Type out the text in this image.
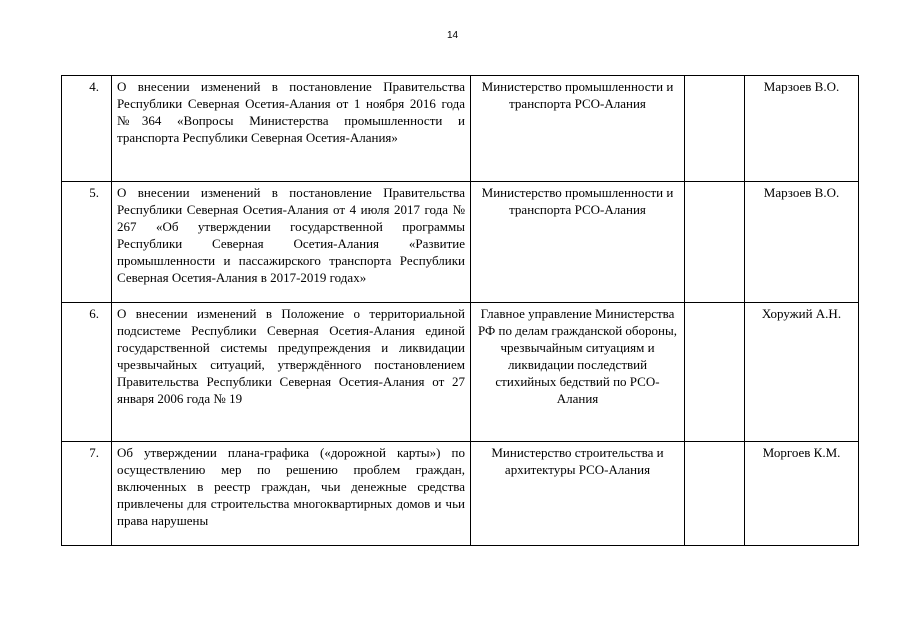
14
4.	О внесении изменений в постановление Правительства Республики Северная Осетия-Алания от 1 ноября 2016 года №364 «Вопросы Министерства промышленности и транспорта Республики Северная Осетия-Алания»	Министерство промышленности и транспорта РСО-Алания		Марзоев В.О.
5.	О внесении изменений в постановление Правительства Республики Северная Осетия-Алания от 4 июля 2017 года № 267 «Об утверждении государственной программы Республики Северная Осетия-Алания «Развитие промышленности и пассажирского транспорта Республики Северная Осетия-Алания в 2017-2019 годах»	Министерство промышленности и транспорта РСО-Алания		Марзоев В.О.
6.	О внесении изменений в Положение о территориальной подсистеме Республики Северная Осетия-Алания единой государственной системы предупреждения и ликвидации чрезвычайных ситуаций, утверждённого постановлением Правительства Республики Северная Осетия-Алания от 27 января 2006 года № 19	Главное управление Министерства РФ по делам гражданской обороны, чрезвычайным ситуациям и ликвидации последствий стихийных бедствий по РСО-Алания		Хоружий А.Н.
7.	Об утверждении плана-графика («дорожной карты») по осуществлению мер по решению проблем граждан, включенных в реестр граждан, чьи денежные средства привлечены для строительства многоквартирных домов и чьи права нарушены	Министерство строительства и архитектуры РСО-Алания		Моргоев К.М.
